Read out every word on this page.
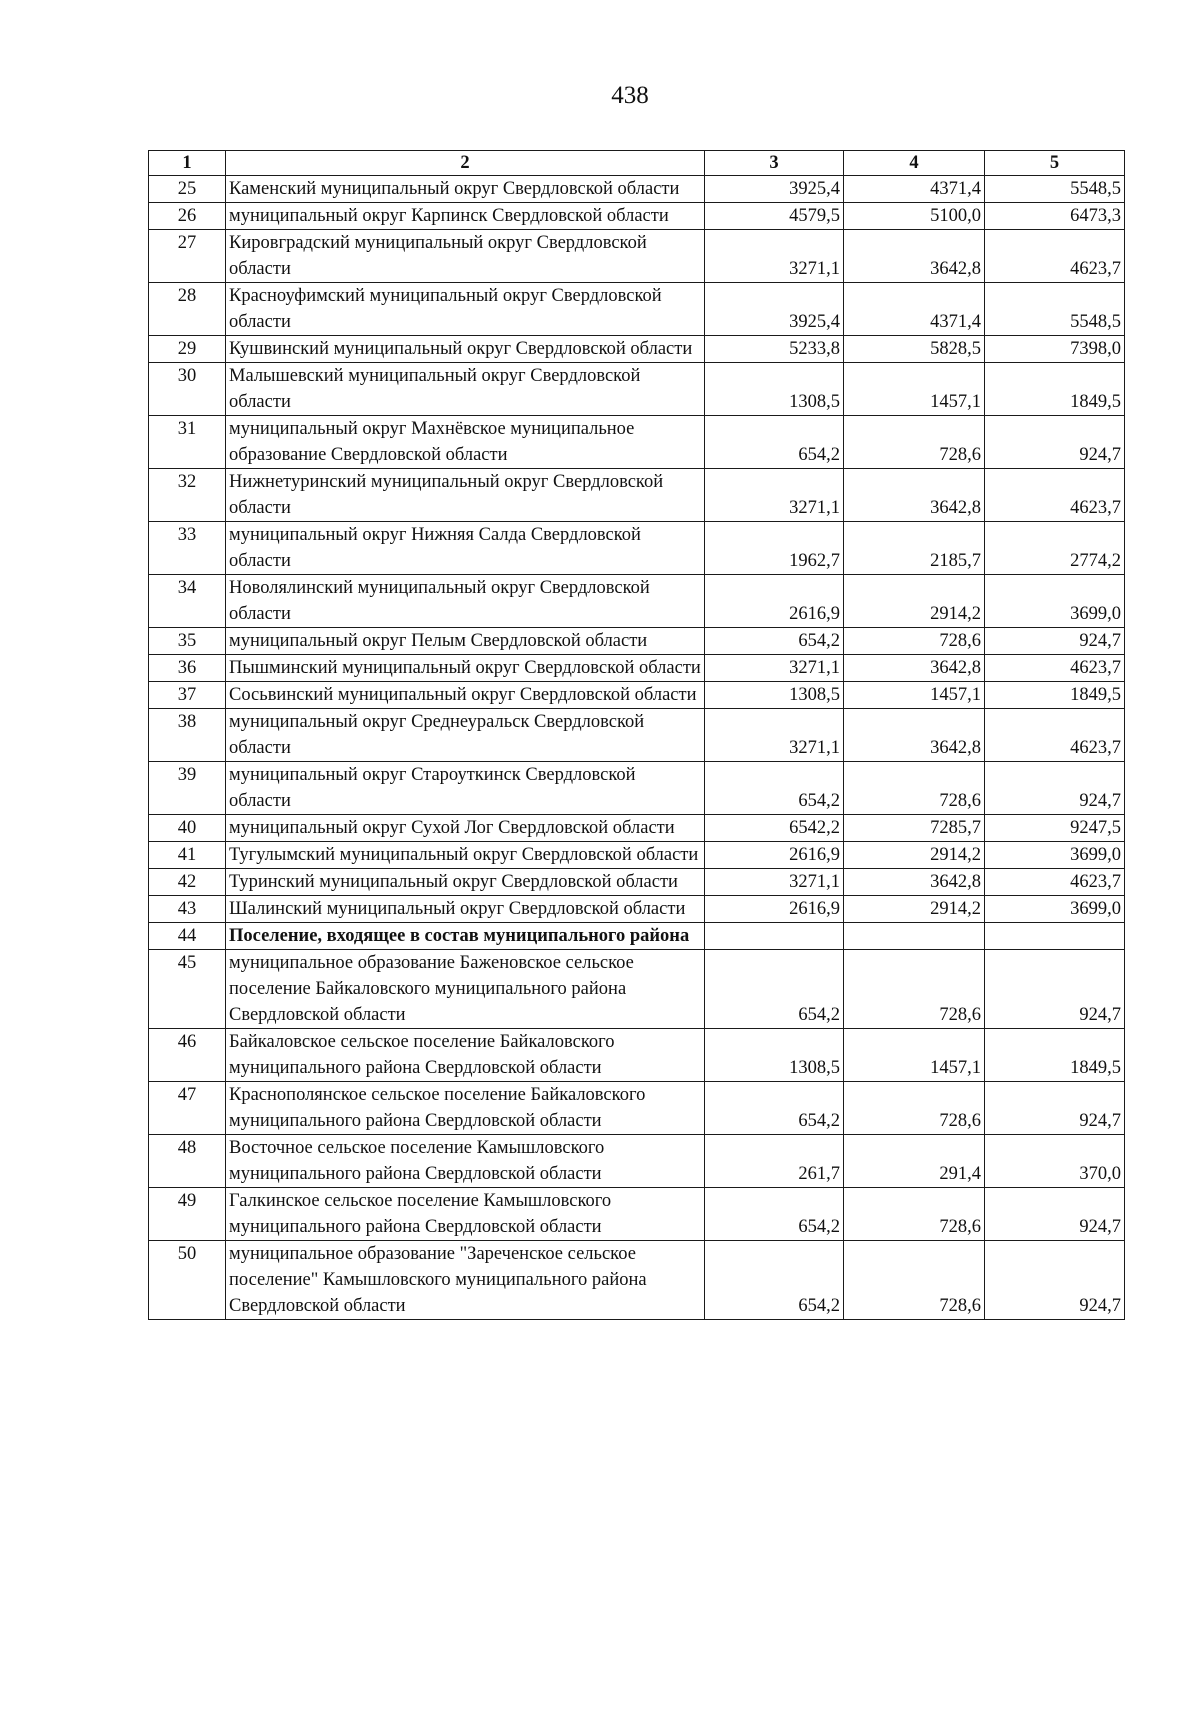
438
1	2	3	4	5
25	Каменский муниципальный округ Свердловской области	3925,4	4371,4	5548,5
26	муниципальный округ Карпинск Свердловской области	4579,5	5100,0	6473,3
27	Кировградский муниципальный округ Свердловской области	3271,1	3642,8	4623,7
28	Красноуфимский муниципальный округ Свердловской области	3925,4	4371,4	5548,5
29	Кушвинский муниципальный округ Свердловской области	5233,8	5828,5	7398,0
30	Малышевский муниципальный округ Свердловской области	1308,5	1457,1	1849,5
31	муниципальный округ Махнёвское муниципальное образование Свердловской области	654,2	728,6	924,7
32	Нижнетуринский муниципальный округ Свердловской области	3271,1	3642,8	4623,7
33	муниципальный округ Нижняя Салда Свердловской области	1962,7	2185,7	2774,2
34	Новолялинский муниципальный округ Свердловской области	2616,9	2914,2	3699,0
35	муниципальный округ Пелым Свердловской области	654,2	728,6	924,7
36	Пышминский муниципальный округ Свердловской области	3271,1	3642,8	4623,7
37	Сосьвинский муниципальный округ Свердловской области	1308,5	1457,1	1849,5
38	муниципальный округ Среднеуральск Свердловской области	3271,1	3642,8	4623,7
39	муниципальный округ Староуткинск Свердловской области	654,2	728,6	924,7
40	муниципальный округ Сухой Лог Свердловской области	6542,2	7285,7	9247,5
41	Тугулымский муниципальный округ Свердловской области	2616,9	2914,2	3699,0
42	Туринский муниципальный округ Свердловской области	3271,1	3642,8	4623,7
43	Шалинский муниципальный округ Свердловской области	2616,9	2914,2	3699,0
44	Поселение, входящее в состав муниципального района			
45	муниципальное образование Баженовское сельское поселение Байкаловского муниципального района Свердловской области	654,2	728,6	924,7
46	Байкаловское сельское поселение Байкаловского муниципального района Свердловской области	1308,5	1457,1	1849,5
47	Краснополянское сельское поселение Байкаловского муниципального района Свердловской области	654,2	728,6	924,7
48	Восточное сельское поселение Камышловского муниципального района Свердловской области	261,7	291,4	370,0
49	Галкинское сельское поселение Камышловского муниципального района Свердловской области	654,2	728,6	924,7
50	муниципальное образование "Зареченское сельское поселение" Камышловского муниципального района Свердловской области	654,2	728,6	924,7
